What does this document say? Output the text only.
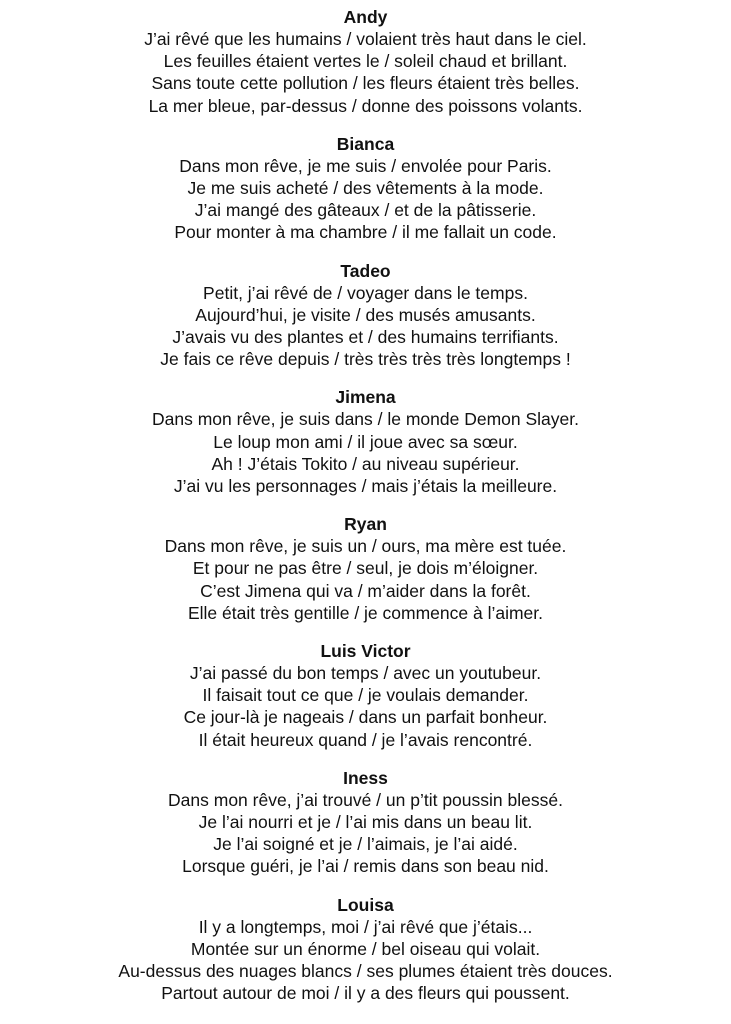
Andy

J’ai rêvé que les humains / volaient très haut dans le ciel.

Les feuilles étaient vertes le / soleil chaud et brillant.

Sans toute cette pollution / les fleurs étaient très belles.

La mer bleue, par-dessus / donne des poissons volants.

Bianca

Dans mon rêve, je me suis / envolée pour Paris.

Je me suis acheté / des vêtements à la mode.

J’ai mangé des gâteaux / et de la pâtisserie.

Pour monter à ma chambre / il me fallait un code.

Tadeo

Petit, j’ai rêvé de / voyager dans le temps.

Aujourd’hui, je visite / des musés amusants.

J’avais vu des plantes et / des humains terrifiants.

Je fais ce rêve depuis / très très très très longtemps !

Jimena

Dans mon rêve, je suis dans / le monde Demon Slayer.

Le loup mon ami / il joue avec sa sœur.

Ah ! J’étais Tokito / au niveau supérieur.

J’ai vu les personnages / mais j’étais la meilleure.

Ryan

Dans mon rêve, je suis un / ours, ma mère est tuée.

Et pour ne pas être / seul, je dois m’éloigner.

C’est Jimena qui va / m’aider dans la forêt.

Elle était très gentille / je commence à l’aimer.

Luis Victor

J’ai passé du bon temps / avec un youtubeur.

Il faisait tout ce que / je voulais demander.

Ce jour-là je nageais / dans un parfait bonheur.

Il était heureux quand / je l’avais rencontré.

Iness

Dans mon rêve, j’ai trouvé / un p’tit poussin blessé.

Je l’ai nourri et je / l’ai mis dans un beau lit.

Je l’ai soigné et je / l’aimais, je l’ai aidé.

Lorsque guéri, je l’ai / remis dans son beau nid.

Louisa

Il y a longtemps, moi / j’ai rêvé que j’étais...

Montée sur un énorme / bel oiseau qui volait.

Au-dessus des nuages blancs / ses plumes étaient très douces.

Partout autour de moi / il y a des fleurs qui poussent.
